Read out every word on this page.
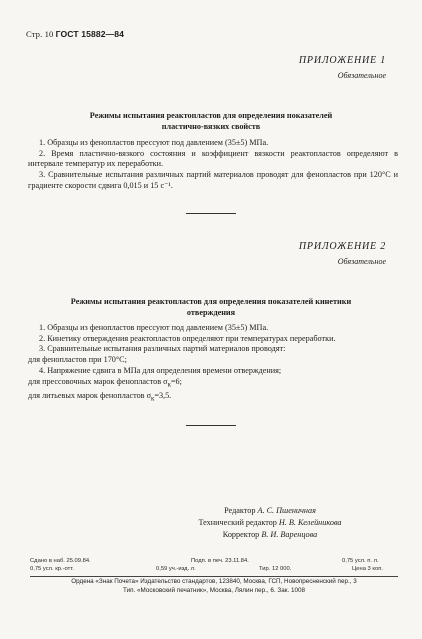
Стр. 10 ГОСТ 15882—84
ПРИЛОЖЕНИЕ 1
Обязательное
Режимы испытания реактопластов для определения показателей
пластично-вязких свойств

1. Образцы из фенопластов прессуют под давлением (35±5) МПа.

2. Время пластично-вязкого состояния и коэффициент вязкости реактопластов определяют в интервале температур их переработки.

3. Сравнительные испытания различных партий материалов проводят для фенопластов при 120°С и градиенте скорости сдвига 0,015 и 15 с⁻¹.

ПРИЛОЖЕНИЕ 2
Обязательное
Режимы испытания реактопластов для определения показателей кинетики
отверждения

1. Образцы из фенопластов прессуют под давлением (35±5) МПа.

2. Кинетику отверждения реактопластов определяют при температурах переработки.

3. Сравнительные испытания различных партий материалов проводят:

для фенопластов при 170°С;

4. Напряжение сдвига в МПа для определения времени отверждения;

для прессовочных марок фенопластов $\sigma_к=6$;

для литьевых марок фенопластов $\sigma_к=3,5$.

Редактор А. С. Пшеничная
Технический редактор Н. В. Келейникова
Корректор В. И. Варенцова
Сдано в наб. 25.09.84.	Подп. в печ. 23.11.84.	0,75 усл. п. л.
0,75 усл. кр.-отт.	0,59 уч.-изд. л.	Тир. 12 000.	Цена 3 коп.
Ордена «Знак Почета» Издательство стандартов, 123840, Москва, ГСП, Новопресненский пер., 3
Тип. «Московский печатник», Москва, Лялин пер., 6. Зак. 1008
